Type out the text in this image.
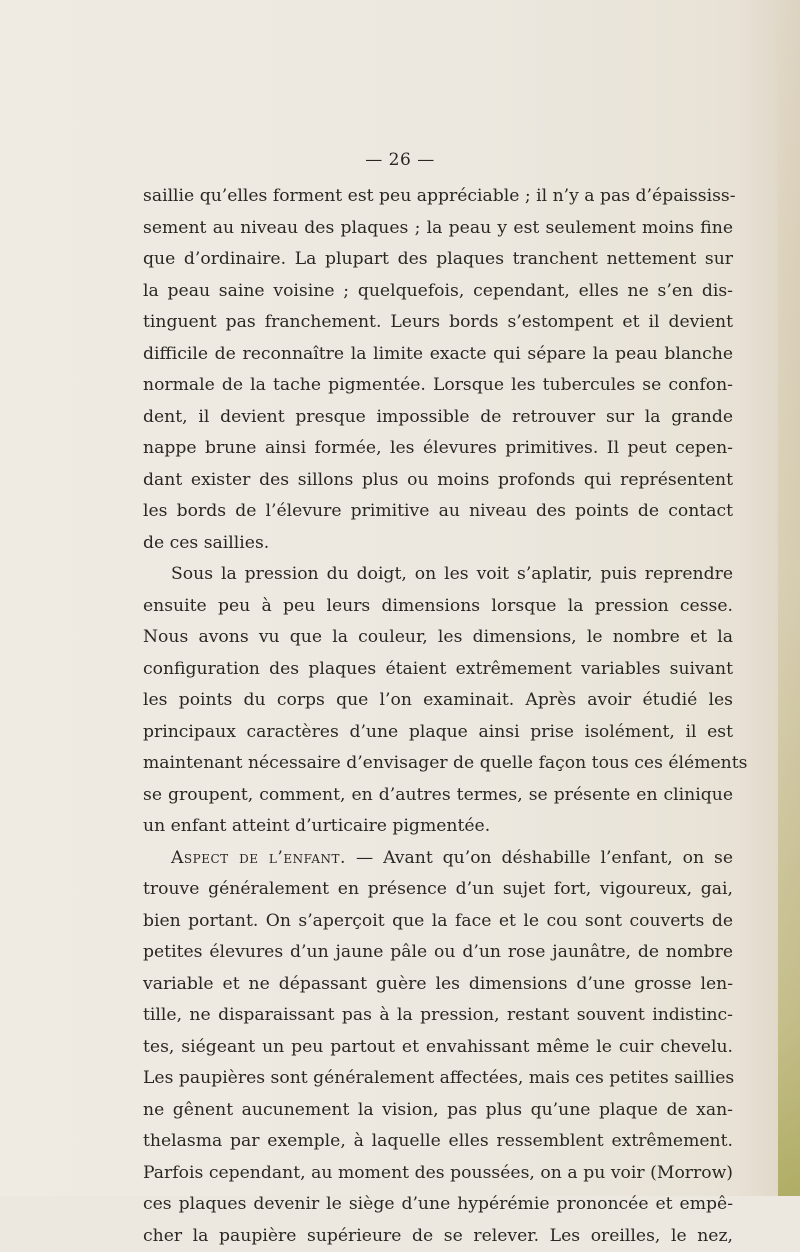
— 26 —
saillie qu’elles forment est peu appréciable ; il n’y a pas d’épaississ-
sement au niveau des plaques ; la peau y est seulement moins fine
que d’ordinaire. La plupart des plaques tranchent nettement sur
la peau saine voisine ; quelquefois, cependant, elles ne s’en dis-
tinguent pas franchement. Leurs bords s’estompent et il devient
difficile de reconnaître la limite exacte qui sépare la peau blanche
normale de la tache pigmentée. Lorsque les tubercules se confon-
dent, il devient presque impossible de retrouver sur la grande
nappe brune ainsi formée, les élevures primitives. Il peut cepen-
dant exister des sillons plus ou moins profonds qui représentent
les bords de l’élevure primitive au niveau des points de contact
de ces saillies.
Sous la pression du doigt, on les voit s’aplatir, puis reprendre
ensuite peu à peu leurs dimensions lorsque la pression cesse.
Nous avons vu que la couleur, les dimensions, le nombre et la
configuration des plaques étaient extrêmement variables suivant
les points du corps que l’on examinait. Après avoir étudié les
principaux caractères d’une plaque ainsi prise isolément, il est
maintenant nécessaire d’envisager de quelle façon tous ces éléments
se groupent, comment, en d’autres termes, se présente en clinique
un enfant atteint d’urticaire pigmentée.
Aspect de l’enfant. — Avant qu’on déshabille l’enfant, on se
trouve généralement en présence d’un sujet fort, vigoureux, gai,
bien portant. On s’aperçoit que la face et le cou sont couverts de
petites élevures d’un jaune pâle ou d’un rose jaunâtre, de nombre
variable et ne dépassant guère les dimensions d’une grosse len-
tille, ne disparaissant pas à la pression, restant souvent indistinc-
tes, siégeant un peu partout et envahissant même le cuir chevelu.
Les paupières sont généralement affectées, mais ces petites saillies
ne gênent aucunement la vision, pas plus qu’une plaque de xan-
thelasma par exemple, à laquelle elles ressemblent extrêmement.
Parfois cependant, au moment des poussées, on a pu voir (Morrow)
ces plaques devenir le siège d’une hypérémie prononcée et empê-
cher la paupière supérieure de se relever. Les oreilles, le nez,
